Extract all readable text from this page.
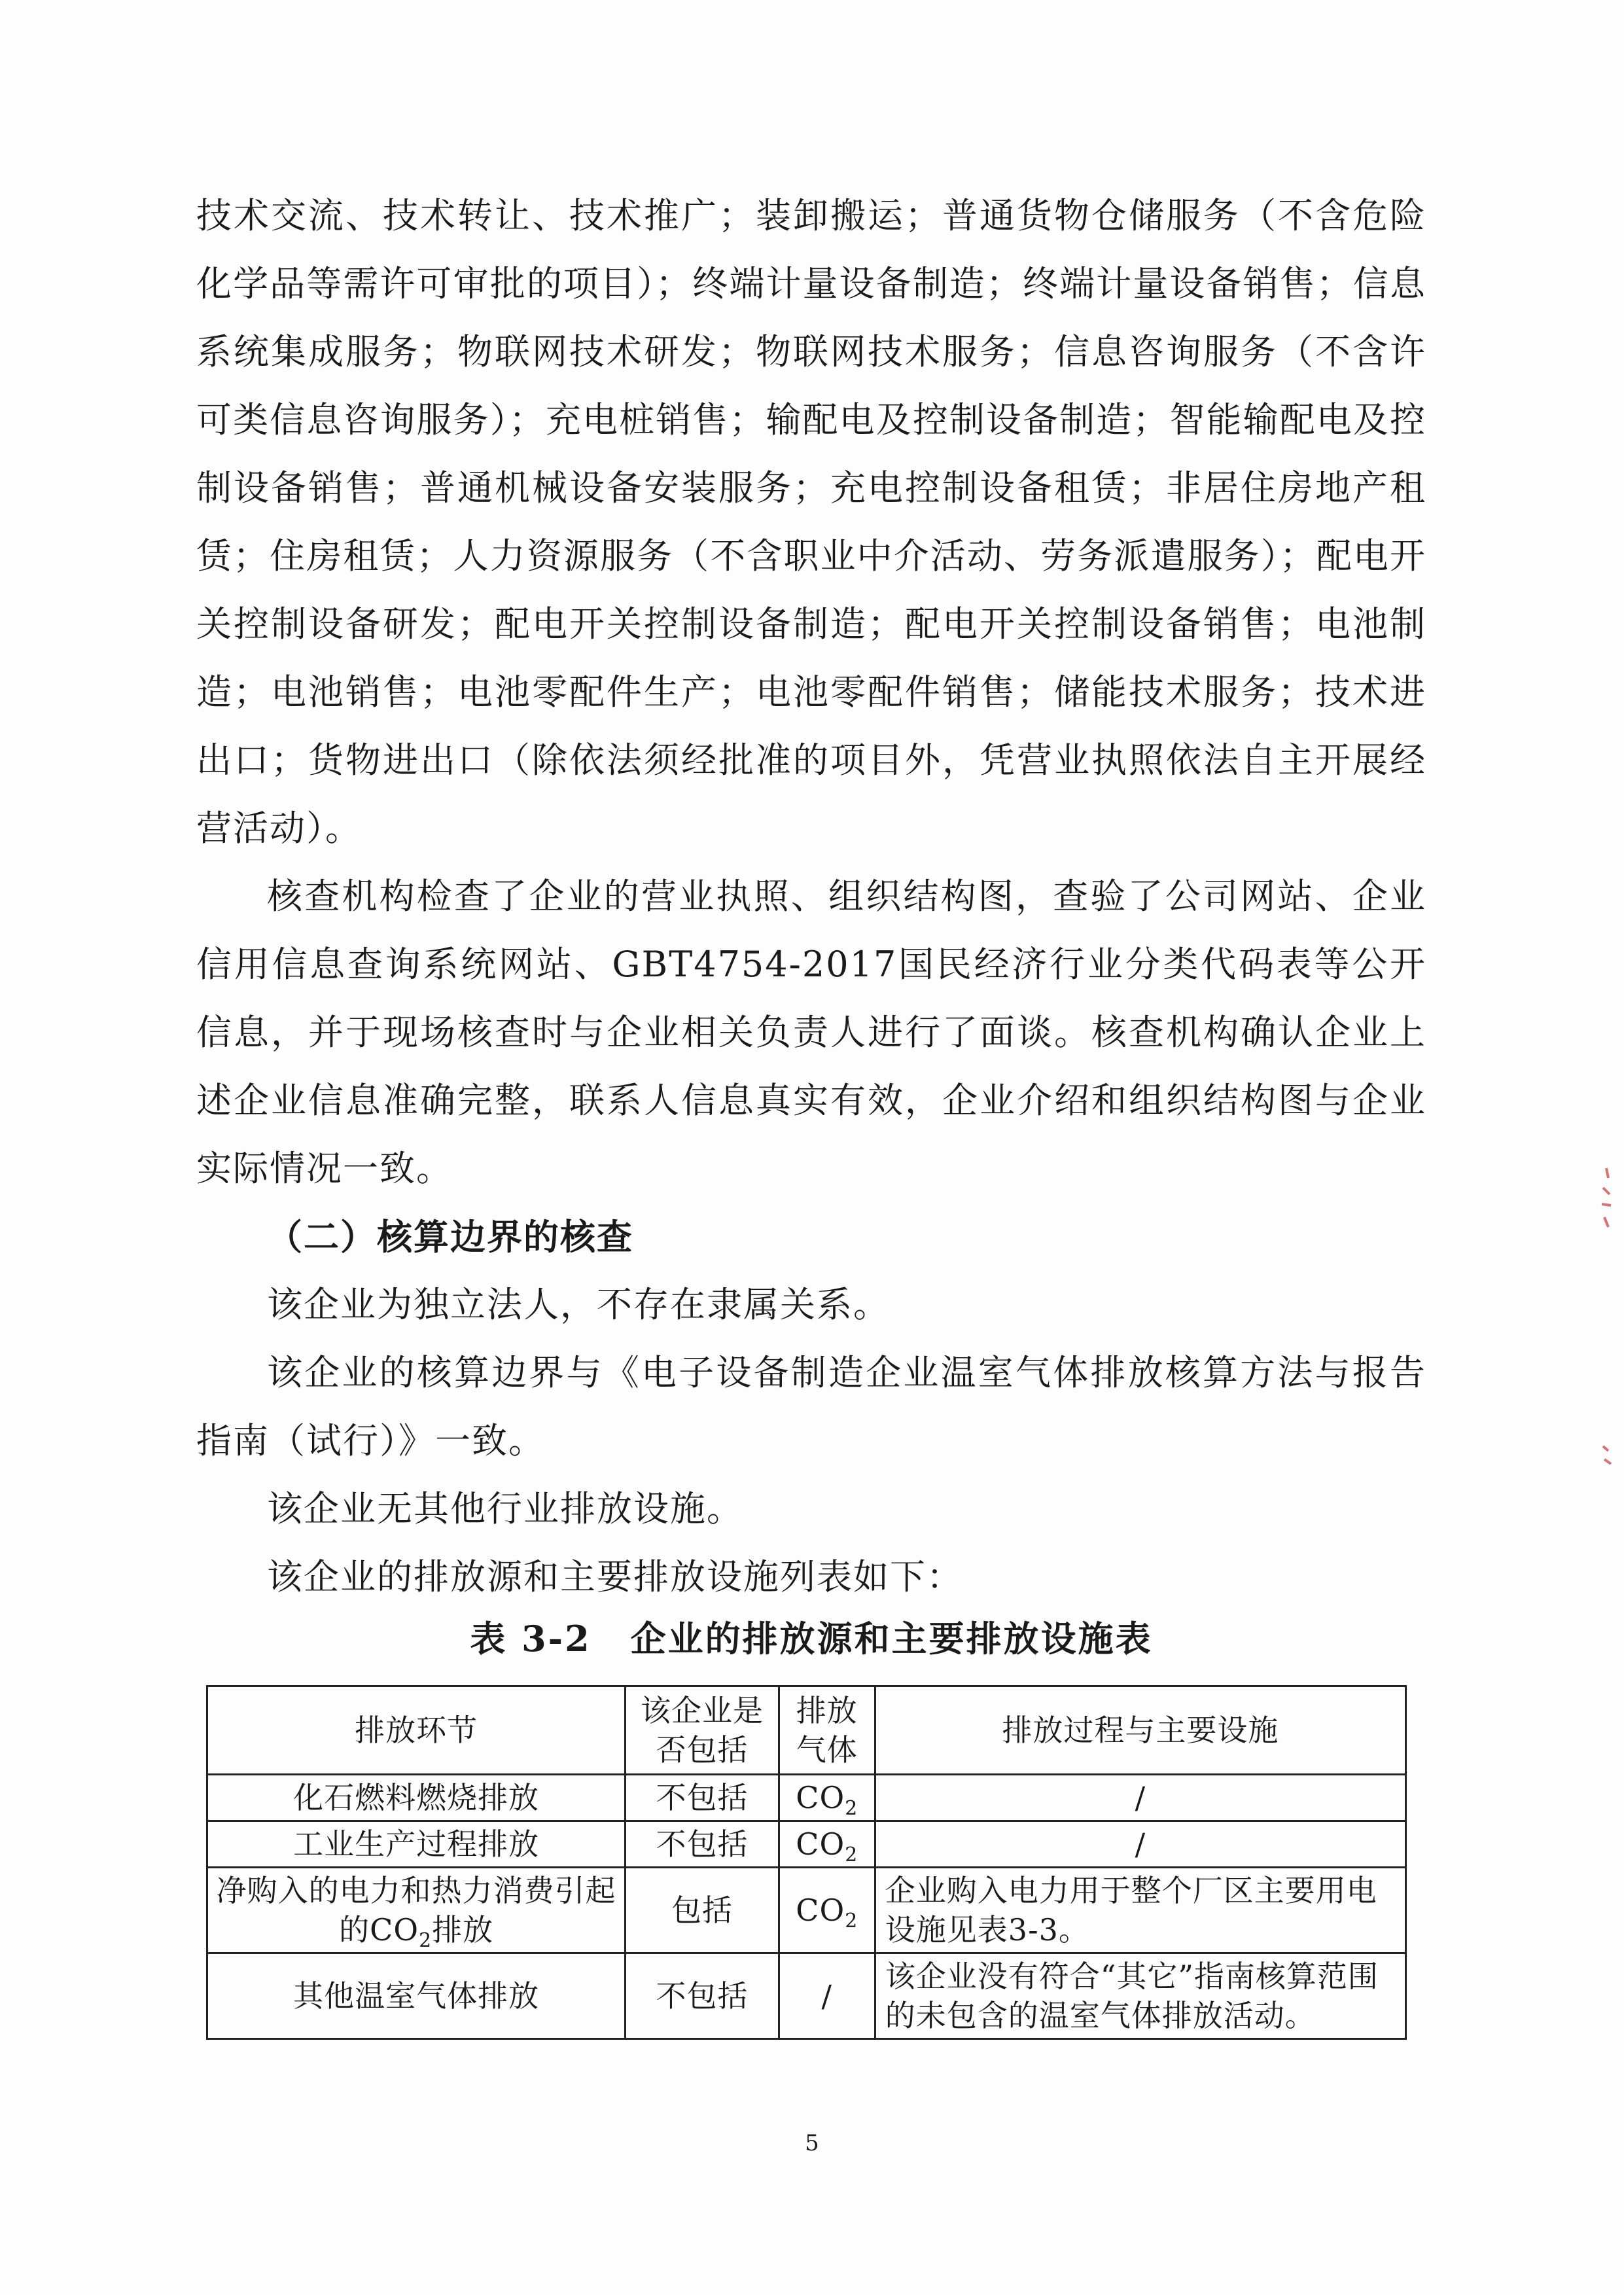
技术交流、技术转让、技术推广；装卸搬运；普通货物仓储服务（不含危险化学品等需许可审批的项目）；终端计量设备制造；终端计量设备销售；信息系统集成服务；物联网技术研发；物联网技术服务；信息咨询服务（不含许可类信息咨询服务）；充电桩销售；输配电及控制设备制造；智能输配电及控制设备销售；普通机械设备安装服务；充电控制设备租赁；非居住房地产租赁；住房租赁；人力资源服务（不含职业中介活动、劳务派遣服务）；配电开关控制设备研发；配电开关控制设备制造；配电开关控制设备销售；电池制造；电池销售；电池零配件生产；电池零配件销售；储能技术服务；技术进出口；货物进出口（除依法须经批准的项目外，凭营业执照依法自主开展经营活动）。

核查机构检查了企业的营业执照、组织结构图，查验了公司网站、企业信用信息查询系统网站、GBT4754-2017国民经济行业分类代码表等公开信息，并于现场核查时与企业相关负责人进行了面谈。核查机构确认企业上述企业信息准确完整，联系人信息真实有效，企业介绍和组织结构图与企业实际情况一致。

（二）核算边界的核查

该企业为独立法人，不存在隶属关系。

该企业的核算边界与《电子设备制造企业温室气体排放核算方法与报告指南（试行）》一致。

该企业无其他行业排放设施。

该企业的排放源和主要排放设施列表如下：

表 3-2 企业的排放源和主要排放设施表
排放环节	该企业是否包括	排放气体	排放过程与主要设施
化石燃料燃烧排放	不包括	$CO_2$	/
工业生产过程排放	不包括	$CO_2$	/
净购入的电力和热力消费引起的$CO_2$排放	包括	$CO_2$	企业购入电力用于整个厂区主要用电设施见表3-3。
其他温室气体排放	不包括	/	该企业没有符合“其它”指南核算范围的未包含的温室气体排放活动。
5
